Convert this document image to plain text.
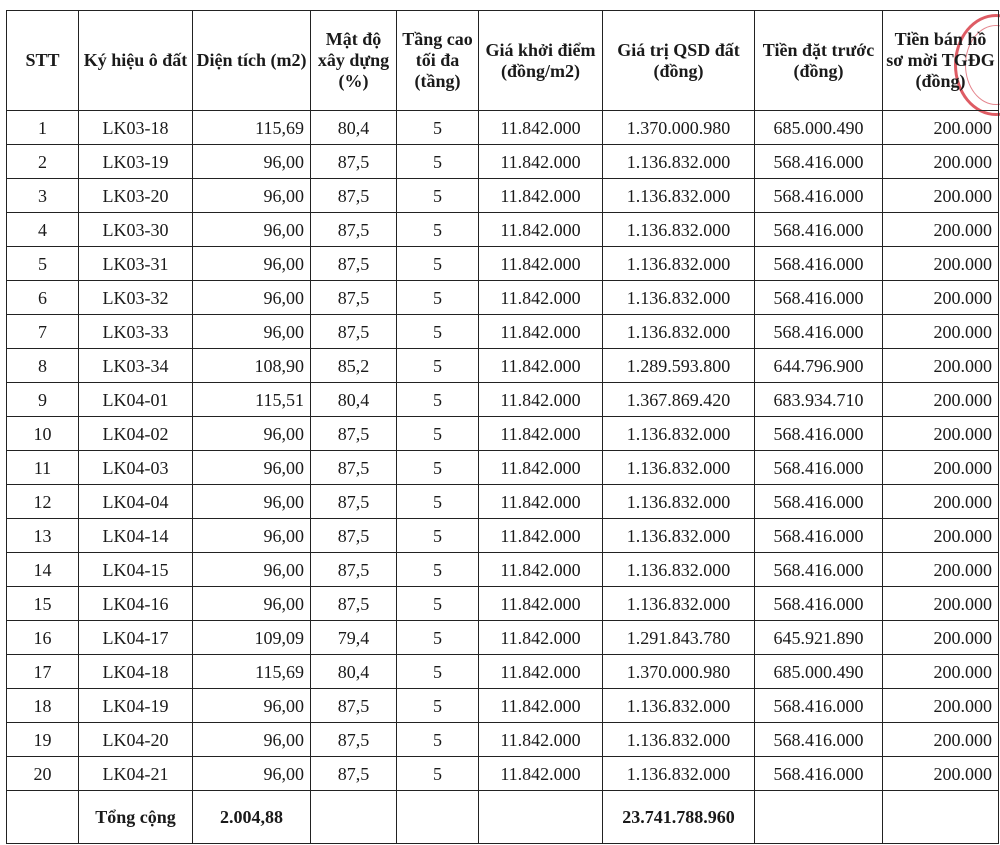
STT	Ký hiệu ô đất	Diện tích (m2)	Mật độ xây dựng (%)	Tầng cao tối đa (tầng)	Giá khởi điểm (đồng/m2)	Giá trị QSD đất (đồng)	Tiền đặt trước (đồng)	Tiền bán hồ sơ mời TGĐG (đồng)
1	LK03-18	115,69	80,4	5	11.842.000	1.370.000.980	685.000.490	200.000
2	LK03-19	96,00	87,5	5	11.842.000	1.136.832.000	568.416.000	200.000
3	LK03-20	96,00	87,5	5	11.842.000	1.136.832.000	568.416.000	200.000
4	LK03-30	96,00	87,5	5	11.842.000	1.136.832.000	568.416.000	200.000
5	LK03-31	96,00	87,5	5	11.842.000	1.136.832.000	568.416.000	200.000
6	LK03-32	96,00	87,5	5	11.842.000	1.136.832.000	568.416.000	200.000
7	LK03-33	96,00	87,5	5	11.842.000	1.136.832.000	568.416.000	200.000
8	LK03-34	108,90	85,2	5	11.842.000	1.289.593.800	644.796.900	200.000
9	LK04-01	115,51	80,4	5	11.842.000	1.367.869.420	683.934.710	200.000
10	LK04-02	96,00	87,5	5	11.842.000	1.136.832.000	568.416.000	200.000
11	LK04-03	96,00	87,5	5	11.842.000	1.136.832.000	568.416.000	200.000
12	LK04-04	96,00	87,5	5	11.842.000	1.136.832.000	568.416.000	200.000
13	LK04-14	96,00	87,5	5	11.842.000	1.136.832.000	568.416.000	200.000
14	LK04-15	96,00	87,5	5	11.842.000	1.136.832.000	568.416.000	200.000
15	LK04-16	96,00	87,5	5	11.842.000	1.136.832.000	568.416.000	200.000
16	LK04-17	109,09	79,4	5	11.842.000	1.291.843.780	645.921.890	200.000
17	LK04-18	115,69	80,4	5	11.842.000	1.370.000.980	685.000.490	200.000
18	LK04-19	96,00	87,5	5	11.842.000	1.136.832.000	568.416.000	200.000
19	LK04-20	96,00	87,5	5	11.842.000	1.136.832.000	568.416.000	200.000
20	LK04-21	96,00	87,5	5	11.842.000	1.136.832.000	568.416.000	200.000
	Tổng cộng	2.004,88				23.741.788.960		
